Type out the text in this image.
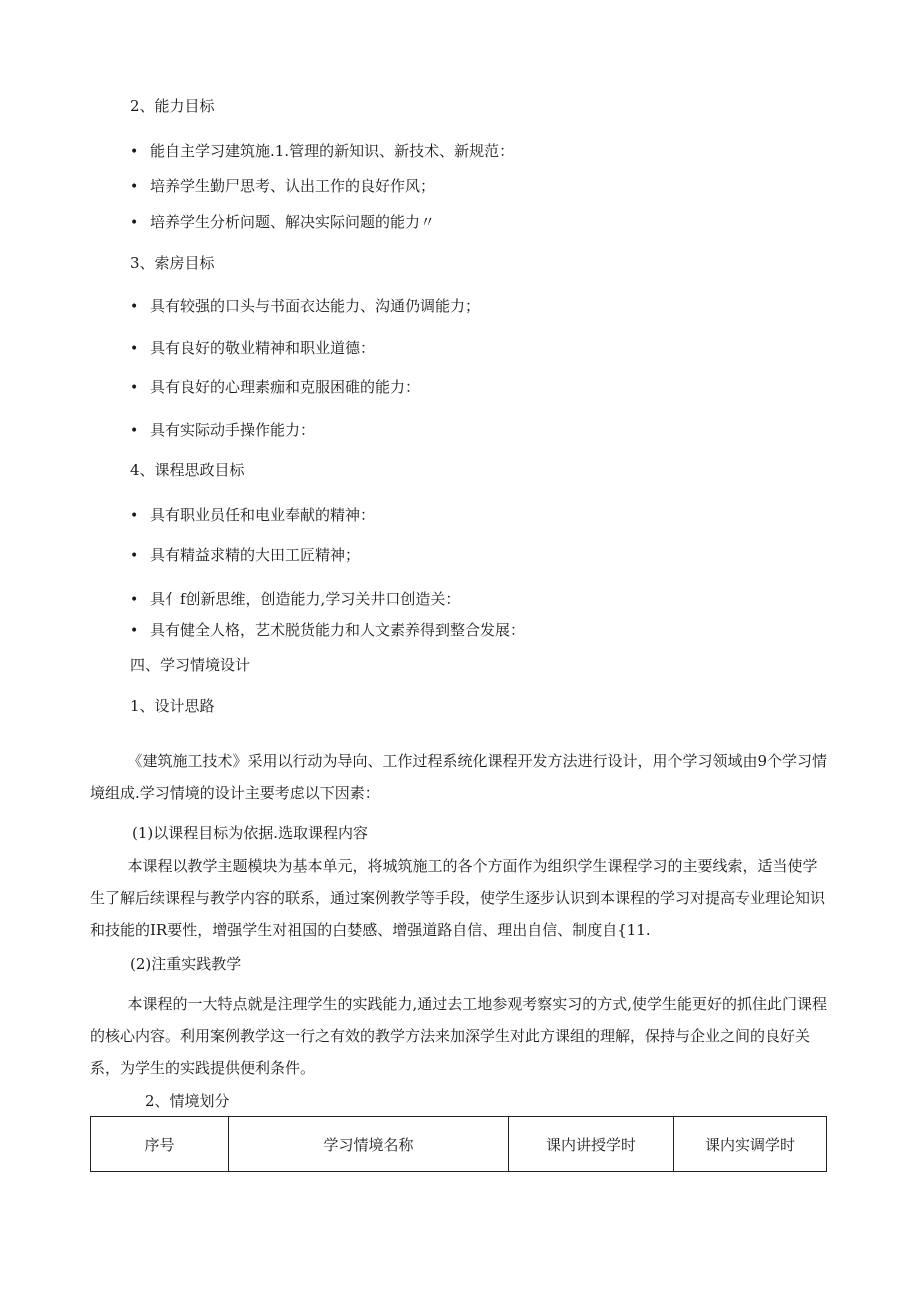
2、能力目标
• 能自主学习建筑施.1.管理的新知识、新技术、新规范：
• 培养学生勤尸思考、认出工作的良好作风；
• 培养学生分析问题、解决实际问题的能力〃
3、索房目标
• 具有较强的口头与书面衣达能力、沟通仍调能力；
• 具有良好的敬业精神和职业道德：
• 具有良好的心理素痂和克服困碓的能力：
• 具有实际动手操作能力：
4、课程思政目标
• 具有职业员任和电业奉献的精神：
• 具有精益求精的大田工匠精神；
• 具亻f创新思维，创造能力,学习关井口创造关：
• 具有健全人格，艺术脱货能力和人文素养得到整合发展：
四、学习情境设计
1、设计思路

《建筑施工技术》采用以行动为导向、工作过程系统化课程开发方法进行设计，用个学习领域由9个学习情境组成.学习情境的设计主要考虑以下因素：

(1)以课程目标为依据.选取课程内容

本课程以教学主题模块为基本单元，将城筑施工的各个方面作为组织学生课程学习的主要线索，适当使学生了解后续课程与教学内容的联系，通过案例教学等手段，使学生逐步认识到本课程的学习对提高专业理论知识和技能的IR要性，增强学生对祖国的白婪感、增强道路自信、理出自信、制度自{11.

(2)注重实践教学

本课程的一大特点就是注理学生的实践能力,通过去工地参观考察实习的方式,使学生能更好的抓住此门课程的核心内容。利用案例教学这一行之有效的教学方法来加深学生对此方课组的理解，保持与企业之间的良好关系，为学生的实践提供便利条件。

2、情境划分
序号	学习情境名称	课内讲授学时	课内实调学时
